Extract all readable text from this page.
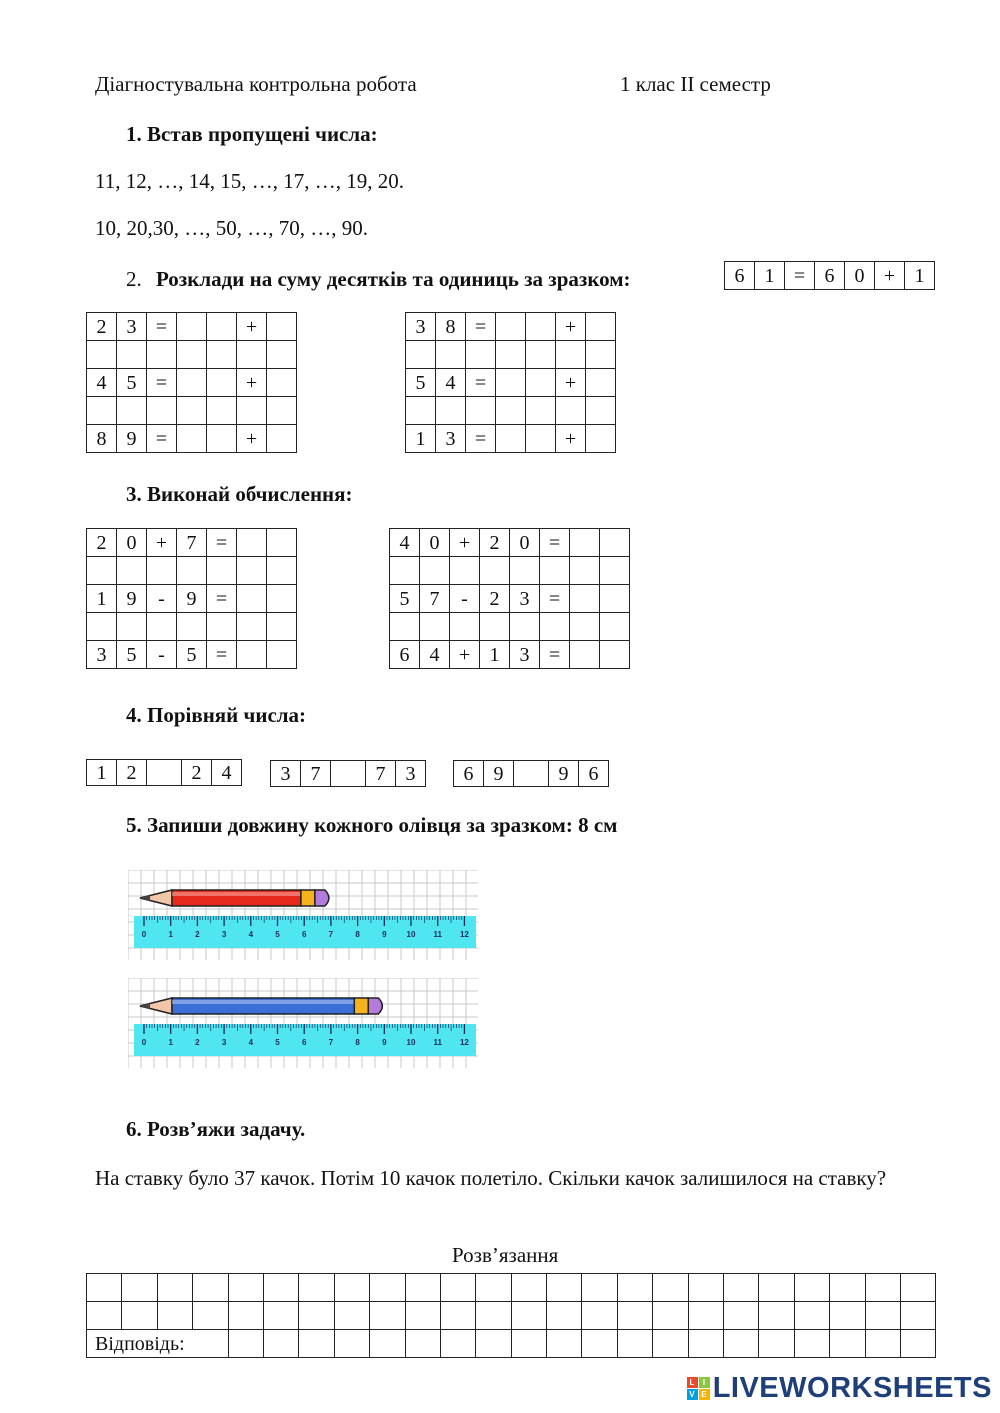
Діагностувальна контрольна робота	1 клас ІІ семестр
1. Встав пропущені числа:
11, 12, …, 14, 15, …, 17, …, 19, 20.
10, 20,30, …, 50, …, 70, …, 90.
2. Розклади на суму десятків та одиниць за зразком:	6	1	=	6	0	+	1
2	3	=			+	

4	5	=			+	

8	9	=			+	
3	8	=			+	

5	4	=			+	

1	3	=			+	
3. Виконай обчислення:
2	0	+	7	=		

1	9	-	9	=		

3	5	-	5	=		
4	0	+	2	0	=		

5	7	-	2	3	=		

6	4	+	1	3	=		
4. Порівняй числа:
1	2		2	4 3	7		7	3 6	9		9	6
5. Запиши довжину кожного олівця за зразком: 8 см
0	1	2	3	4	5	6	7	8	9	10 11 12
0	1	2	3	4	5	6	7	8	9	10 11 12
6. Розв’яжи задачу.
На ставку було 37 качок. Потім 10 качок полетіло. Скільки качок залишилося на ставку?
Розв’язання

Відповідь:																							
L I
V E LIVEWORKSHEETS
